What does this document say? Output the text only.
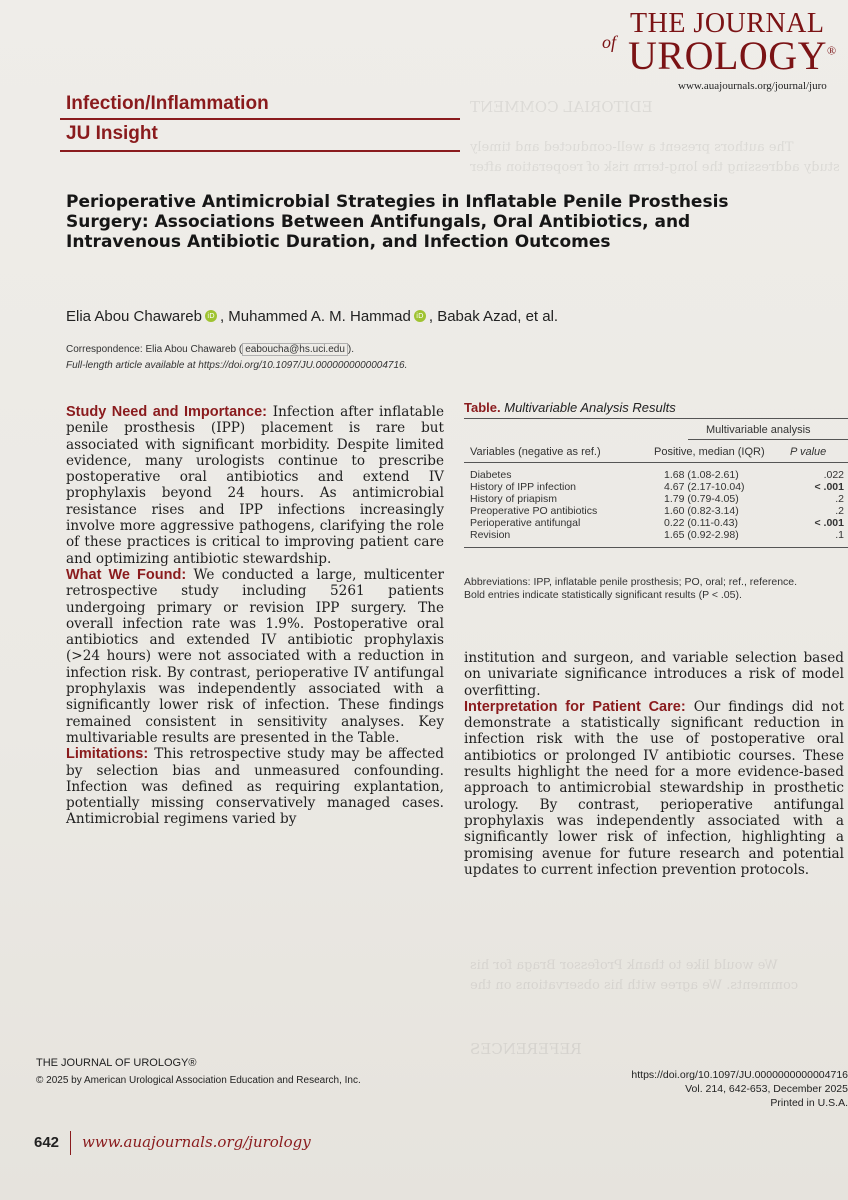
EDITORIAL COMMENT
The authors present a well-conducted and timely
study addressing the long-term risk of reoperation after
We would like to thank Professor Braga for his
comments. We agree with his observations on the
REFERENCES
THE JOURNAL
of UROLOGY®
www.auajournals.org/journal/juro
Infection/Inflammation
JU Insight
Perioperative Antimicrobial Strategies in Inflatable Penile Prosthesis Surgery: Associations Between Antifungals, Oral Antibiotics, and Intravenous Antibiotic Duration, and Infection Outcomes
Elia Abou Chawareb iD , Muhammed A. M. Hammad iD , Babak Azad, et al.
Correspondence: Elia Abou Chawareb ( eaboucha@hs.uci.edu ).
Full-length article available at https://doi.org/10.1097/JU.0000000000004716.

Study Need and Importance: Infection after inflatable penile prosthesis (IPP) placement is rare but associated with significant morbidity. Despite limited evidence, many urologists continue to prescribe postoperative oral antibiotics and extend IV prophylaxis beyond 24 hours. As antimicrobial resistance rises and IPP infections increasingly involve more aggressive pathogens, clarifying the role of these practices is critical to improving patient care and optimizing antibiotic stewardship.

What We Found: We conducted a large, multicenter retrospective study including 5261 patients undergoing primary or revision IPP surgery. The overall infection rate was 1.9%. Postoperative oral antibiotics and extended IV antibiotic prophylaxis (>24 hours) were not associated with a reduction in infection risk. By contrast, perioperative IV antifungal prophylaxis was independently associated with a significantly lower risk of infection. These findings remained consistent in sensitivity analyses. Key multivariable results are presented in the Table.

Limitations: This retrospective study may be affected by selection bias and unmeasured confounding. Infection was defined as requiring explantation, potentially missing conservatively managed cases. Antimicrobial regimens varied by

Table. Multivariable Analysis Results
Multivariable analysis
Variables (negative as ref.)	Positive, median (IQR) P value
Diabetes	1.68 (1.08-2.61)	.022
History of IPP infection	4.67 (2.17-10.04)	< .001
History of priapism	1.79 (0.79-4.05)	.2
Preoperative PO antibiotics	1.60 (0.82-3.14)	.2
Perioperative antifungal	0.22 (0.11-0.43)	< .001
Revision	1.65 (0.92-2.98)	.1
Abbreviations: IPP, inflatable penile prosthesis; PO, oral; ref., reference.
Bold entries indicate statistically significant results (P < .05).

institution and surgeon, and variable selection based on univariate significance introduces a risk of model overfitting.

Interpretation for Patient Care: Our findings did not demonstrate a statistically significant reduction in infection risk with the use of postoperative oral antibiotics or prolonged IV antibiotic courses. These results highlight the need for a more evidence-based approach to antimicrobial stewardship in prosthetic urology. By contrast, perioperative antifungal prophylaxis was independently associated with a significantly lower risk of infection, highlighting a promising avenue for future research and potential updates to current infection prevention protocols.

THE JOURNAL OF UROLOGY®
© 2025 by American Urological Association Education and Research, Inc.	https://doi.org/10.1097/JU.0000000000004716
Vol. 214, 642-653, December 2025
Printed in U.S.A.
642 www.auajournals.org/jurology
